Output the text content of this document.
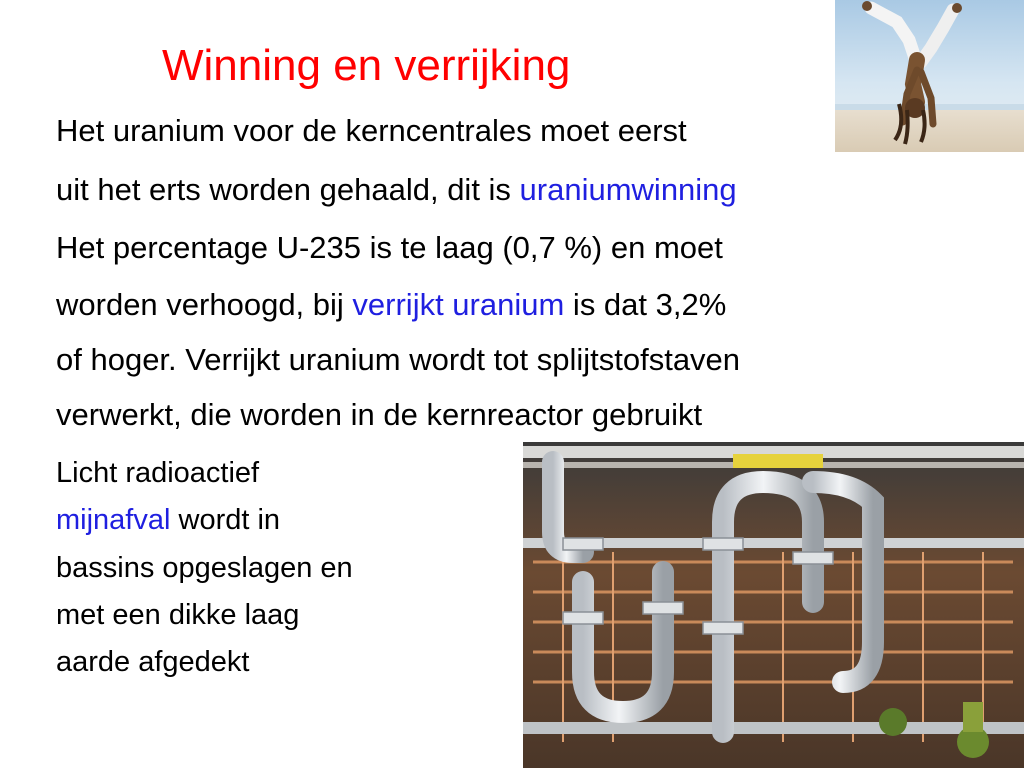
Winning en verrijking

Het uranium voor de kerncentrales moet eerst

uit het erts worden gehaald, dit is uraniumwinning

Het percentage U-235 is te laag (0,7 %) en moet

worden verhoogd, bij verrijkt uranium is dat 3,2%

of hoger. Verrijkt uranium wordt tot splijtstofstaven

verwerkt, die worden in de kernreactor gebruikt

Licht radioactief

mijnafval wordt in

bassins opgeslagen en

met een dikke laag

aarde afgedekt
